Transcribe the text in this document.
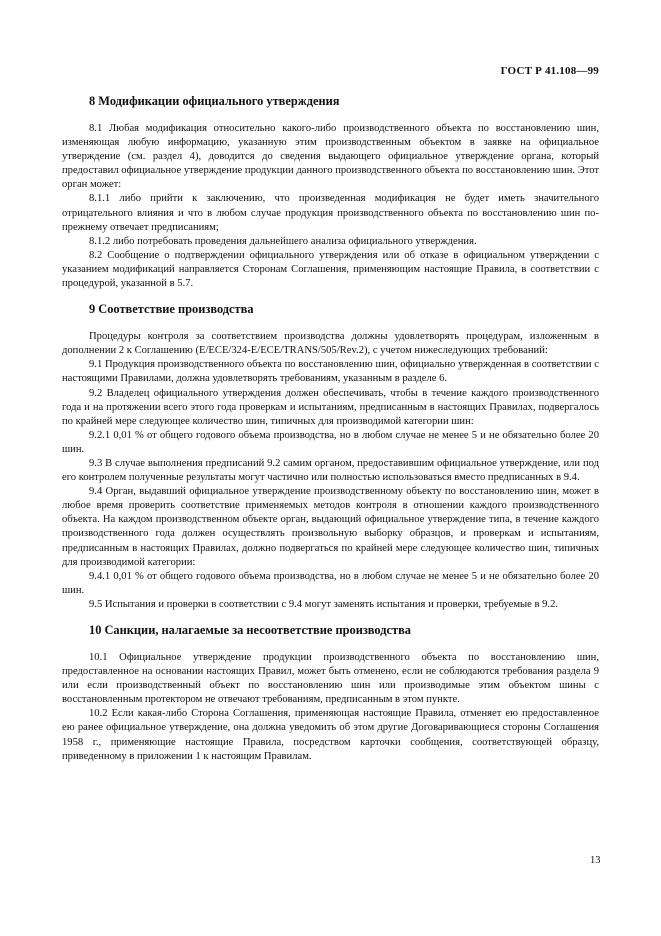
ГОСТ Р 41.108—99
8 Модификации официального утверждения

8.1 Любая модификация относительно какого-либо производственного объекта по восстановлению шин, изменяющая любую информацию, указанную этим производственным объектом в заявке на официальное утверждение (см. раздел 4), доводится до сведения выдающего официальное утверждение органа, который предоставил официальное утверждение продукции данного производственного объекта по восстановлению шин. Этот орган может:

8.1.1 либо прийти к заключению, что произведенная модификация не будет иметь значительного отрицательного влияния и что в любом случае продукция производственного объекта по восстановлению шин по-прежнему отвечает предписаниям;

8.1.2 либо потребовать проведения дальнейшего анализа официального утверждения.

8.2 Сообщение о подтверждении официального утверждения или об отказе в официальном утверждении с указанием модификаций направляется Сторонам Соглашения, применяющим настоящие Правила, в соответствии с процедурой, указанной в 5.7.

9 Соответствие производства

Процедуры контроля за соответствием производства должны удовлетворять процедурам, изложенным в дополнении 2 к Соглашению (E/ECE/324-E/ECE/TRANS/505/Rev.2), с учетом нижеследующих требований:

9.1 Продукция производственного объекта по восстановлению шин, официально утвержденная в соответствии с настоящими Правилами, должна удовлетворять требованиям, указанным в разделе 6.

9.2 Владелец официального утверждения должен обеспечивать, чтобы в течение каждого производственного года и на протяжении всего этого года проверкам и испытаниям, предписанным в настоящих Правилах, подвергалось по крайней мере следующее количество шин, типичных для производимой категории шин:

9.2.1 0,01 % от общего годового объема производства, но в любом случае не менее 5 и не обязательно более 20 шин.

9.3 В случае выполнения предписаний 9.2 самим органом, предоставившим официальное утверждение, или под его контролем полученные результаты могут частично или полностью использоваться вместо предписанных в 9.4.

9.4 Орган, выдавший официальное утверждение производственному объекту по восстановлению шин, может в любое время проверить соответствие применяемых методов контроля в отношении каждого производственного объекта. На каждом производственном объекте орган, выдающий официальное утверждение типа, в течение каждого производственного года должен осуществлять произвольную выборку образцов, и проверкам и испытаниям, предписанным в настоящих Правилах, должно подвергаться по крайней мере следующее количество шин, типичных для производимой категории:

9.4.1 0,01 % от общего годового объема производства, но в любом случае не менее 5 и не обязательно более 20 шин.

9.5 Испытания и проверки в соответствии с 9.4 могут заменять испытания и проверки, требуемые в 9.2.

10 Санкции, налагаемые за несоответствие производства

10.1 Официальное утверждение продукции производственного объекта по восстановлению шин, предоставленное на основании настоящих Правил, может быть отменено, если не соблюдаются требования раздела 9 или если производственный объект по восстановлению шин или производимые этим объектом шины с восстановленным протектором не отвечают требованиям, предписанным в этом пункте.

10.2 Если какая-либо Сторона Соглашения, применяющая настоящие Правила, отменяет ею предоставленное ею ранее официальное утверждение, она должна уведомить об этом другие Договаривающиеся стороны Соглашения 1958 г., применяющие настоящие Правила, посредством карточки сообщения, соответствующей образцу, приведенному в приложении 1 к настоящим Правилам.

13
